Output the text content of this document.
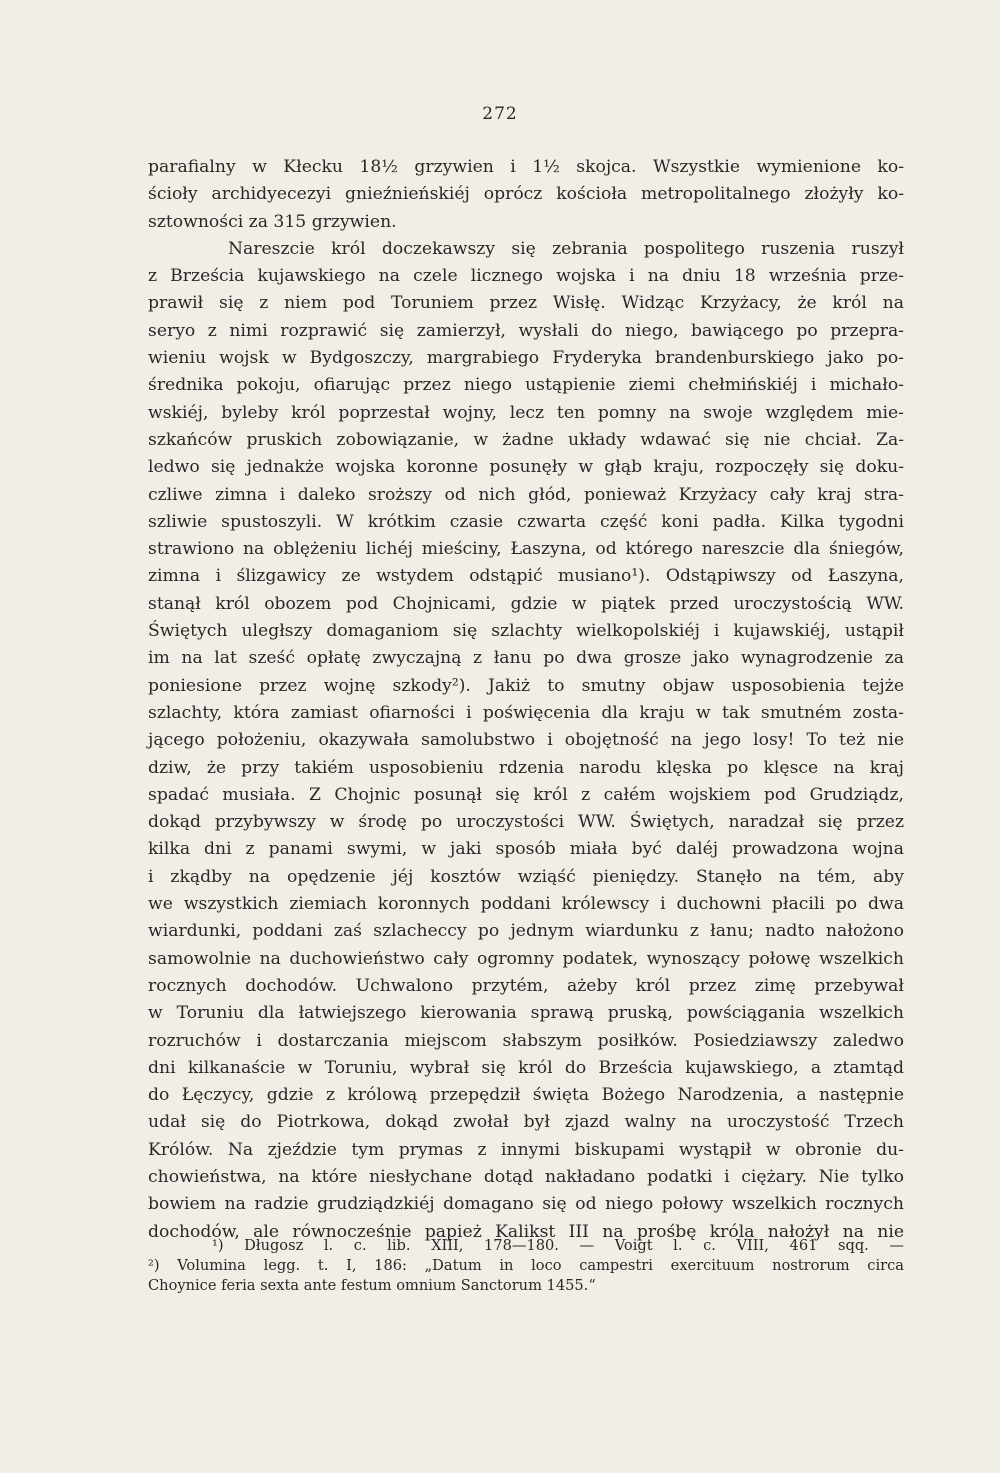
272
parafialny w Kłecku 18½ grzywien i 1½ skojca. Wszystkie wymienione ko-
ścioły archidyecezyi gnieźnieńskiéj oprócz kościoła metropolitalnego złożyły ko-
sztowności za 315 grzywien.
Nareszcie król doczekawszy się zebrania pospolitego ruszenia ruszył
z Brześcia kujawskiego na czele licznego wojska i na dniu 18 września prze-
prawił się z niem pod Toruniem przez Wisłę. Widząc Krzyżacy, że król na
seryo z nimi rozprawić się zamierzył, wysłali do niego, bawiącego po przepra-
wieniu wojsk w Bydgoszczy, margrabiego Fryderyka brandenburskiego jako po-
średnika pokoju, ofiarując przez niego ustąpienie ziemi chełmińskiéj i michało-
wskiéj, byleby król poprzestał wojny, lecz ten pomny na swoje względem mie-
szkańców pruskich zobowiązanie, w żadne układy wdawać się nie chciał. Za-
ledwo się jednakże wojska koronne posunęły w głąb kraju, rozpoczęły się doku-
czliwe zimna i daleko sroższy od nich głód, ponieważ Krzyżacy cały kraj stra-
szliwie spustoszyli. W krótkim czasie czwarta część koni padła. Kilka tygodni
strawiono na oblężeniu lichéj mieściny, Łaszyna, od którego nareszcie dla śniegów,
zimna i ślizgawicy ze wstydem odstąpić musiano¹). Odstąpiwszy od Łaszyna,
stanął król obozem pod Chojnicami, gdzie w piątek przed uroczystością WW.
Świętych uległszy domaganiom się szlachty wielkopolskiéj i kujawskiéj, ustąpił
im na lat sześć opłatę zwyczajną z łanu po dwa grosze jako wynagrodzenie za
poniesione przez wojnę szkody²). Jakiż to smutny objaw usposobienia tejże
szlachty, która zamiast ofiarności i poświęcenia dla kraju w tak smutném zosta-
jącego położeniu, okazywała samolubstwo i obojętność na jego losy! To też nie
dziw, że przy takiém usposobieniu rdzenia narodu klęska po klęsce na kraj
spadać musiała. Z Chojnic posunął się król z całém wojskiem pod Grudziądz,
dokąd przybywszy w środę po uroczystości WW. Świętych, naradzał się przez
kilka dni z panami swymi, w jaki sposób miała być daléj prowadzona wojna
i zkądby na opędzenie jéj kosztów wziąść pieniędzy. Stanęło na tém, aby
we wszystkich ziemiach koronnych poddani królewscy i duchowni płacili po dwa
wiardunki, poddani zaś szlacheccy po jednym wiardunku z łanu; nadto nałożono
samowolnie na duchowieństwo cały ogromny podatek, wynoszący połowę wszelkich
rocznych dochodów. Uchwalono przytém, ażeby król przez zimę przebywał
w Toruniu dla łatwiejszego kierowania sprawą pruską, powściągania wszelkich
rozruchów i dostarczania miejscom słabszym posiłków. Posiedziawszy zaledwo
dni kilkanaście w Toruniu, wybrał się król do Brześcia kujawskiego, a ztamtąd
do Łęczycy, gdzie z królową przepędził święta Bożego Narodzenia, a następnie
udał się do Piotrkowa, dokąd zwołał był zjazd walny na uroczystość Trzech
Królów. Na zjeździe tym prymas z innymi biskupami wystąpił w obronie du-
chowieństwa, na które niesłychane dotąd nakładano podatki i ciężary. Nie tylko
bowiem na radzie grudziądzkiéj domagano się od niego połowy wszelkich rocznych
dochodów, ale równocześnie papież Kalikst III na prośbę króla nałożył na nie
¹) Długosz l. c. lib. XIII, 178—180. — Voigt l. c. VIII, 461 sqq. —
²) Volumina legg. t. I, 186: „Datum in loco campestri exercituum nostrorum circa
Choynice feria sexta ante festum omnium Sanctorum 1455.“
